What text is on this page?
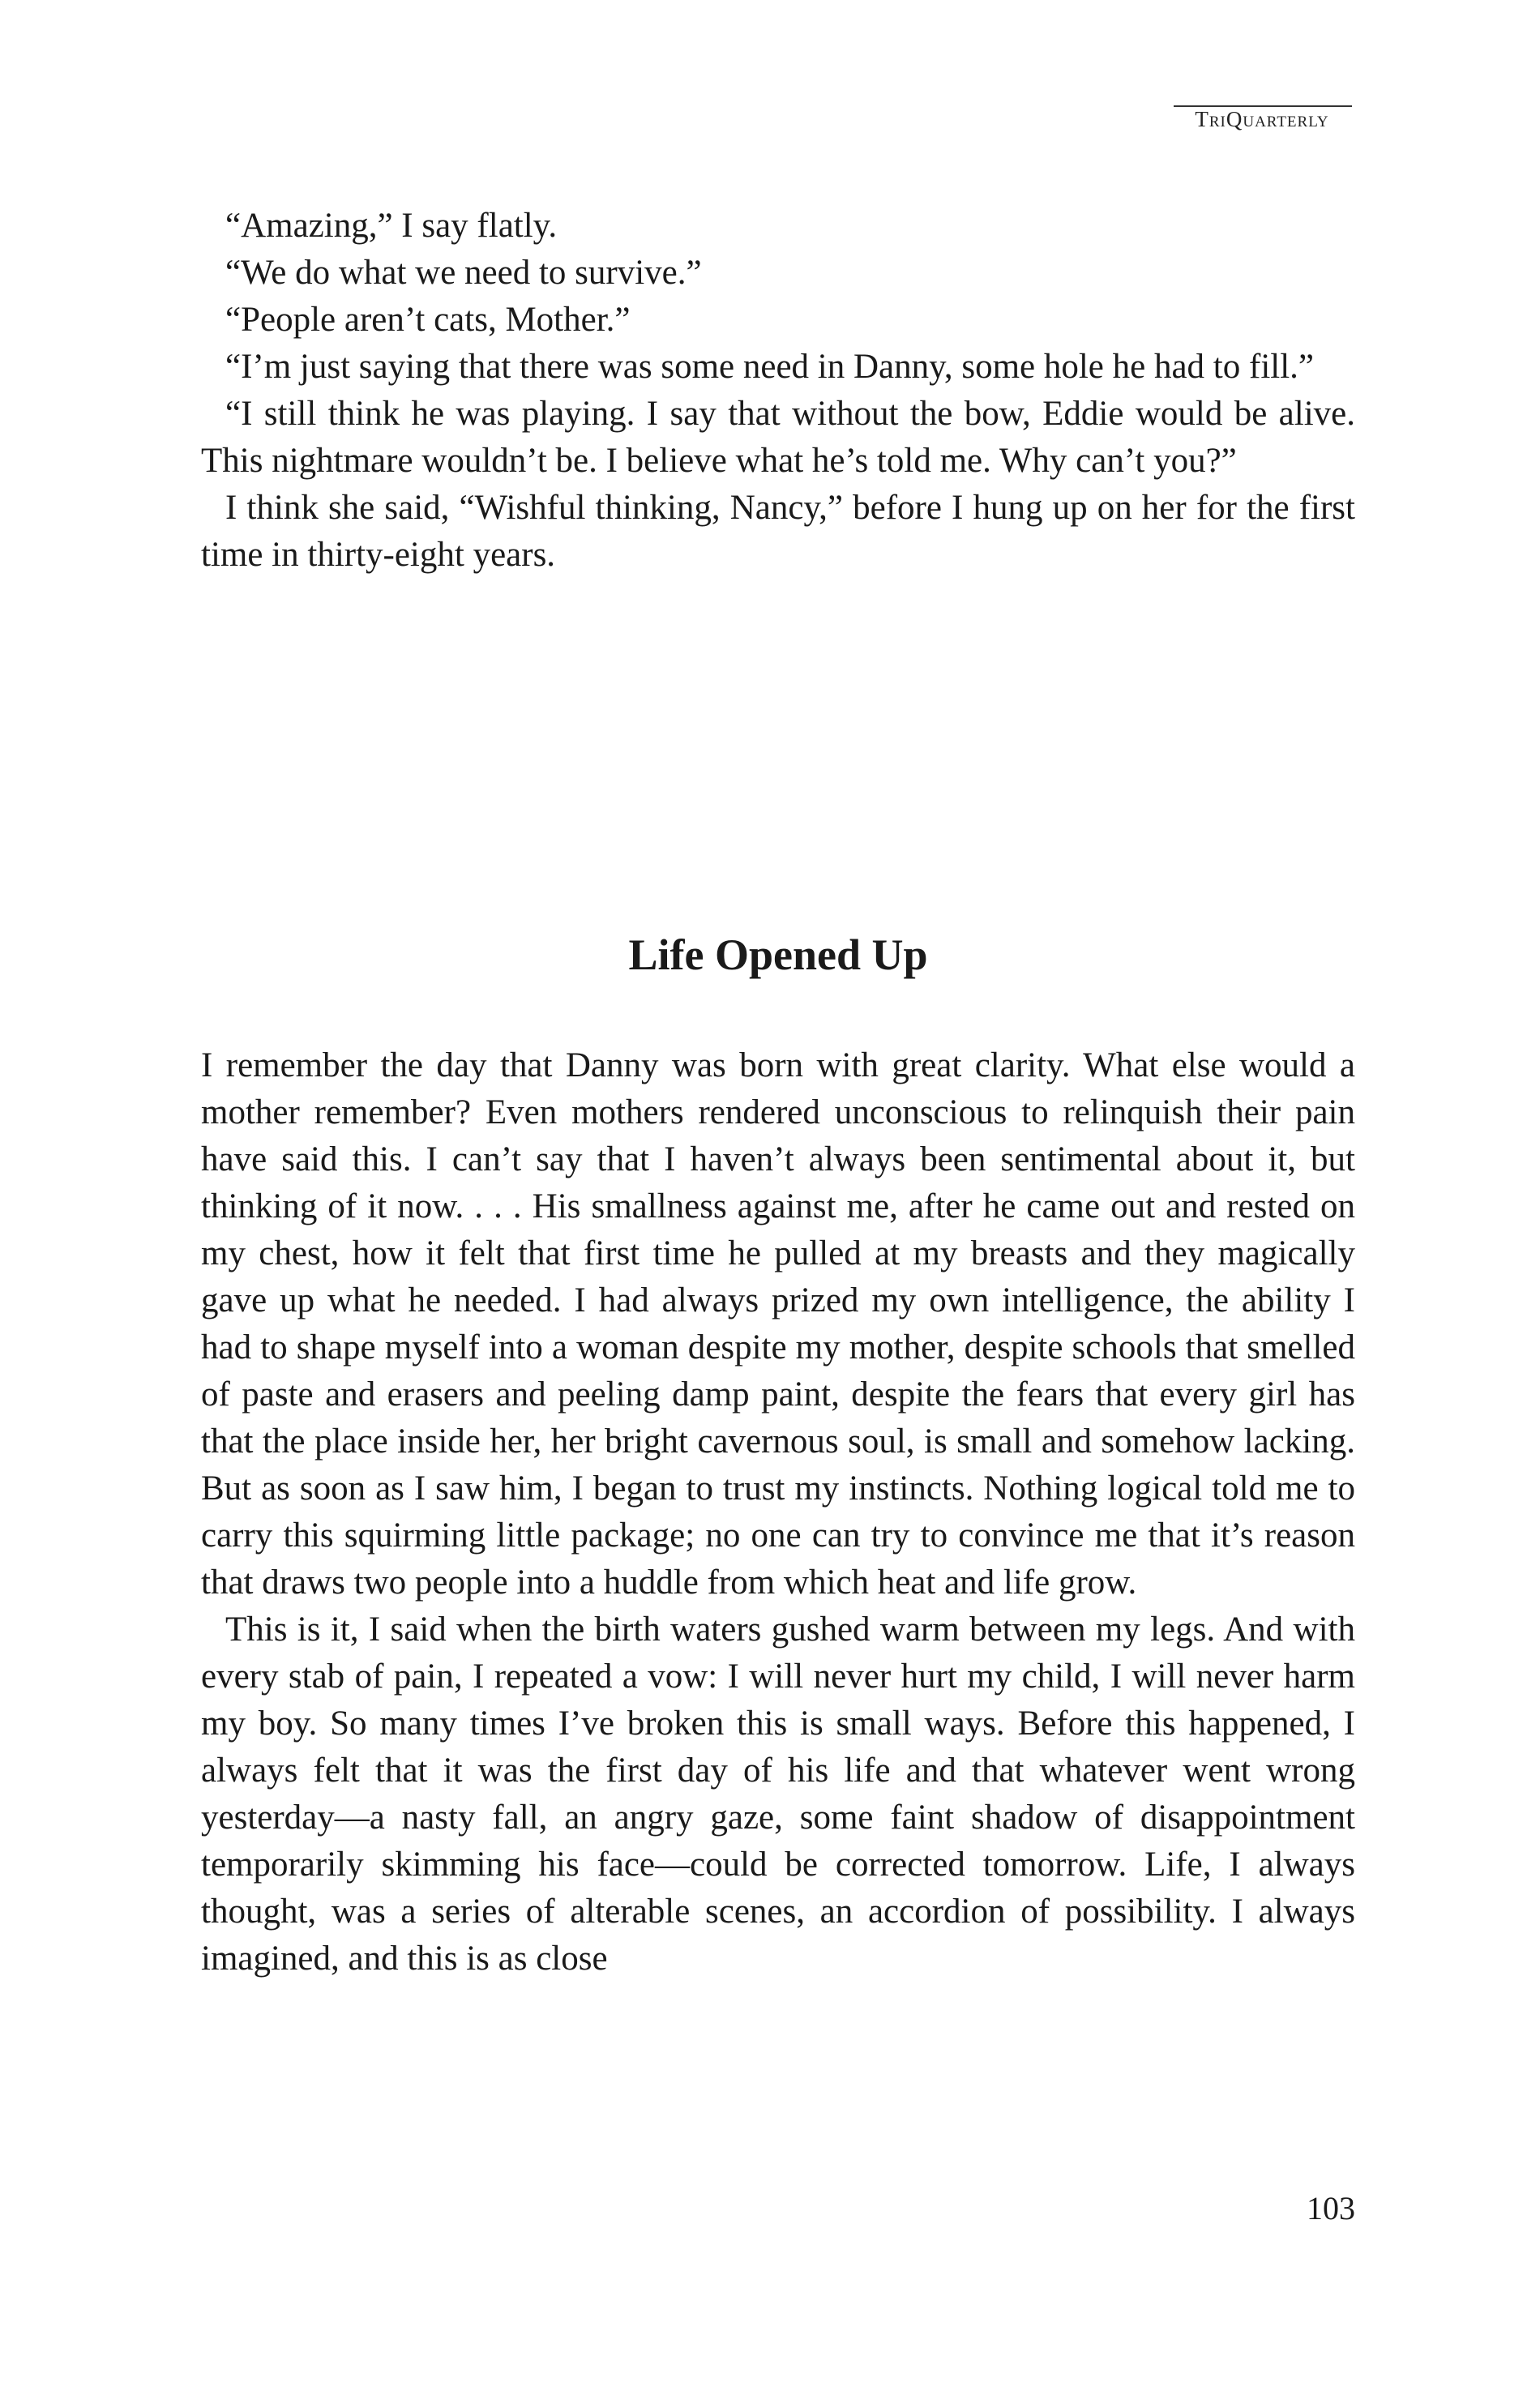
TriQuarterly

“Amazing,” I say flatly.

“We do what we need to survive.”

“People aren’t cats, Mother.”

“I’m just saying that there was some need in Danny, some hole he had to fill.”

“I still think he was playing. I say that without the bow, Eddie would be alive. This nightmare wouldn’t be. I believe what he’s told me. Why can’t you?”

I think she said, “Wishful thinking, Nancy,” before I hung up on her for the first time in thirty-eight years.

Life Opened Up

I remember the day that Danny was born with great clarity. What else would a mother remember? Even mothers rendered unconscious to relinquish their pain have said this. I can’t say that I haven’t always been sentimental about it, but thinking of it now. . . . His smallness against me, after he came out and rested on my chest, how it felt that first time he pulled at my breasts and they magically gave up what he needed. I had always prized my own intelligence, the ability I had to shape myself into a woman despite my mother, despite schools that smelled of paste and erasers and peeling damp paint, despite the fears that every girl has that the place inside her, her bright cavernous soul, is small and somehow lacking. But as soon as I saw him, I began to trust my instincts. Nothing logical told me to carry this squirming little package; no one can try to convince me that it’s reason that draws two people into a huddle from which heat and life grow.

This is it, I said when the birth waters gushed warm between my legs. And with every stab of pain, I repeated a vow: I will never hurt my child, I will never harm my boy. So many times I’ve broken this is small ways. Before this happened, I always felt that it was the first day of his life and that whatever went wrong yesterday—a nasty fall, an angry gaze, some faint shadow of disappointment temporarily skimming his face—could be corrected tomorrow. Life, I always thought, was a series of alterable scenes, an accordion of possibility. I always imagined, and this is as close

103
